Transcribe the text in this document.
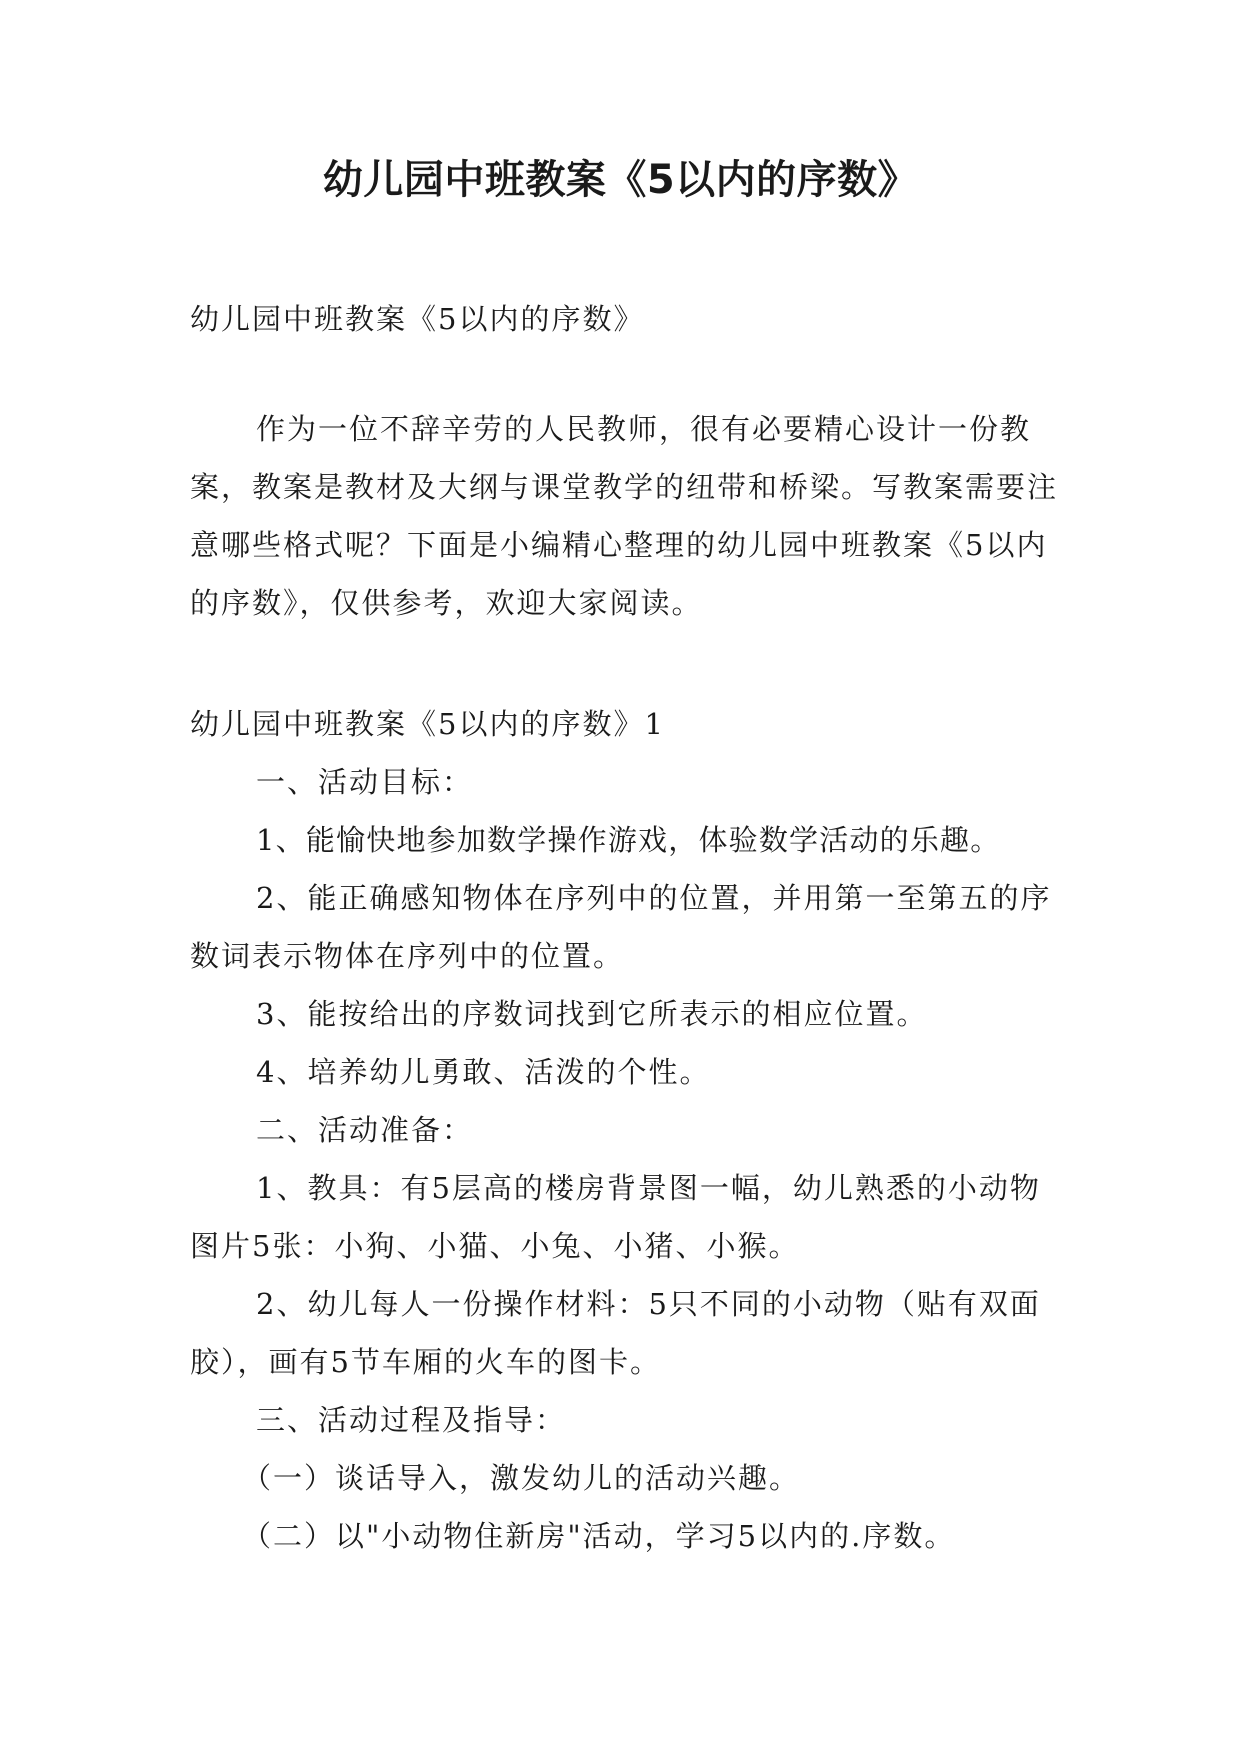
幼儿园中班教案《5以内的序数》

幼儿园中班教案《5以内的序数》

作为一位不辞辛劳的人民教师，很有必要精心设计一份教案，教案是教材及大纲与课堂教学的纽带和桥梁。写教案需要注意哪些格式呢？下面是小编精心整理的幼儿园中班教案《5以内的序数》，仅供参考，欢迎大家阅读。

幼儿园中班教案《5以内的序数》1

一、活动目标：

1、能愉快地参加数学操作游戏，体验数学活动的乐趣。

2、能正确感知物体在序列中的位置，并用第一至第五的序数词表示物体在序列中的位置。

3、能按给出的序数词找到它所表示的相应位置。

4、培养幼儿勇敢、活泼的个性。

二、活动准备：

1、教具：有5层高的楼房背景图一幅，幼儿熟悉的小动物图片5张：小狗、小猫、小兔、小猪、小猴。

2、幼儿每人一份操作材料：5只不同的小动物（贴有双面胶），画有5节车厢的火车的图卡。

三、活动过程及指导：

（一）谈话导入，激发幼儿的活动兴趣。

（二）以"小动物住新房"活动，学习5以内的.序数。
